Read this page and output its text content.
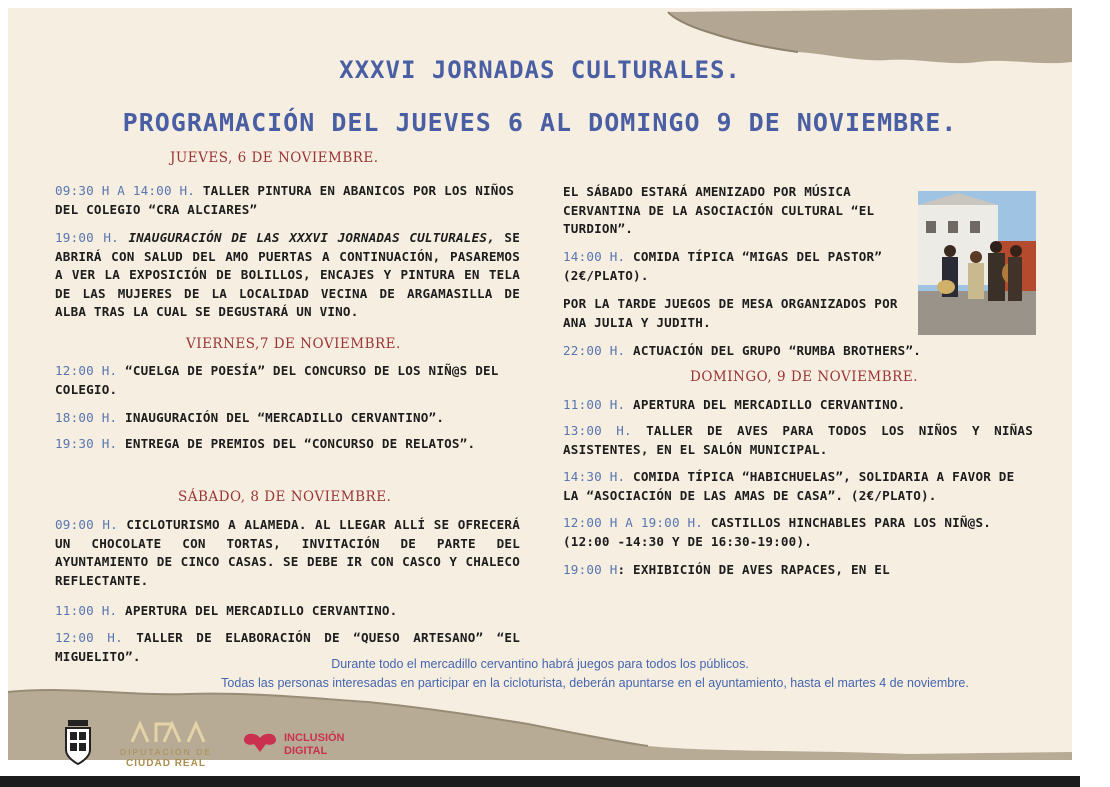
DIPUTACIÓN DE
CIUDAD REAL
INCLUSIÓN
DIGITAL
XXXVI JORNADAS CULTURALES.
PROGRAMACIÓN DEL JUEVES 6 AL DOMINGO 9 DE NOVIEMBRE.
JUEVES, 6 DE NOVIEMBRE.
09:30 H A 14:00 H. TALLER PINTURA EN ABANICOS POR LOS NIÑOS DEL COLEGIO “CRA ALCIARES”
19:00 H. INAUGURACIÓN DE LAS XXXVI JORNADAS CULTURALES, SE ABRIRÁ CON SALUD DEL AMO PUERTAS A CONTINUACIÓN, PASAREMOS A VER LA EXPOSICIÓN DE BOLILLOS, ENCAJES Y PINTURA EN TELA DE LAS MUJERES DE LA LOCALIDAD VECINA DE ARGAMASILLA DE ALBA TRAS LA CUAL SE DEGUSTARÁ UN VINO.
VIERNES,7 DE NOVIEMBRE.
12:00 H. “CUELGA DE POESÍA” DEL CONCURSO DE LOS NIÑ@S DEL COLEGIO.
18:00 H. INAUGURACIÓN DEL “MERCADILLO CERVANTINO”.
19:30 H. ENTREGA DE PREMIOS DEL “CONCURSO DE RELATOS”.
SÁBADO, 8 DE NOVIEMBRE.
09:00 H. CICLOTURISMO A ALAMEDA. AL LLEGAR ALLÍ SE OFRECERÁ UN CHOCOLATE CON TORTAS, INVITACIÓN DE PARTE DEL AYUNTAMIENTO DE CINCO CASAS. SE DEBE IR CON CASCO Y CHALECO REFLECTANTE.
11:00 H. APERTURA DEL MERCADILLO CERVANTINO.
12:00 H. TALLER DE ELABORACIÓN DE “QUESO ARTESANO” “EL MIGUELITO”.
EL SÁBADO ESTARÁ AMENIZADO POR MÚSICA CERVANTINA DE LA ASOCIACIÓN CULTURAL “EL TURDION”.
14:00 H. COMIDA TÍPICA “MIGAS DEL PASTOR” (2€/PLATO).
POR LA TARDE JUEGOS DE MESA ORGANIZADOS POR ANA JULIA Y JUDITH.
22:00 H. ACTUACIÓN DEL GRUPO “RUMBA BROTHERS”.
DOMINGO, 9 DE NOVIEMBRE.
11:00 H. APERTURA DEL MERCADILLO CERVANTINO.
13:00 H. TALLER DE AVES PARA TODOS LOS NIÑOS Y NIÑAS ASISTENTES, EN EL SALÓN MUNICIPAL.
14:30 H. COMIDA TÍPICA “HABICHUELAS”, SOLIDARIA A FAVOR DE LA “ASOCIACIÓN DE LAS AMAS DE CASA”. (2€/PLATO).
12:00 H A 19:00 H. CASTILLOS HINCHABLES PARA LOS NIÑ@S. (12:00 -14:30 Y DE 16:30-19:00).
19:00 H: EXHIBICIÓN DE AVES RAPACES, EN EL
Durante todo el mercadillo cervantino habrá juegos para todos los públicos.
Todas las personas interesadas en participar en la cicloturista, deberán apuntarse en el ayuntamiento, hasta el martes 4 de noviembre.
